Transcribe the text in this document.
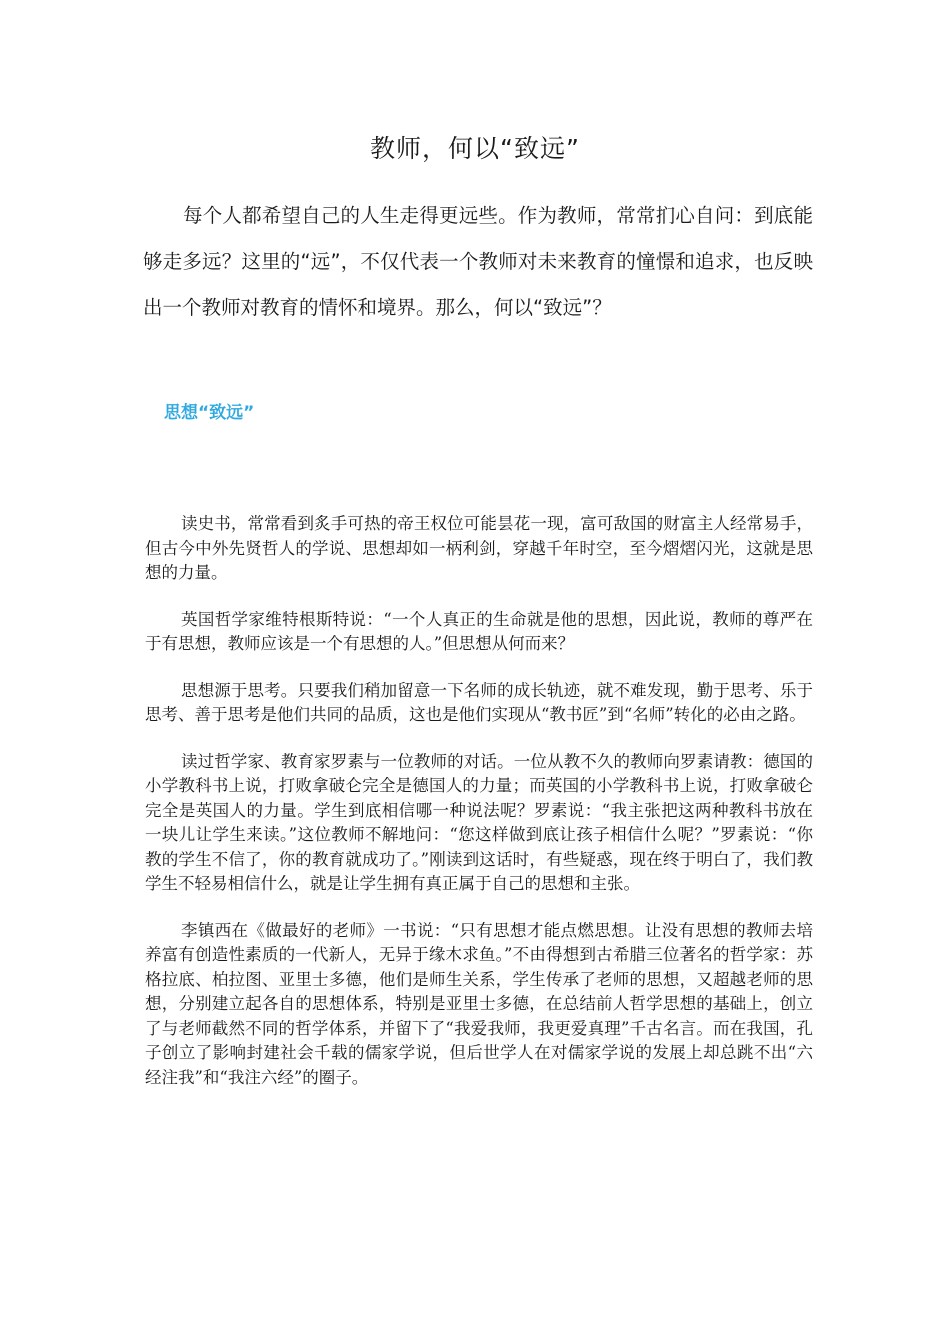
教师，何以“致远”

每个人都希望自己的人生走得更远些。作为教师，常常扪心自问：到底能够走多远？这里的“远”，不仅代表一个教师对未来教育的憧憬和追求，也反映出一个教师对教育的情怀和境界。那么，何以“致远”？

思想“致远”

读史书，常常看到炙手可热的帝王权位可能昙花一现，富可敌国的财富主人经常易手，但古今中外先贤哲人的学说、思想却如一柄利剑，穿越千年时空，至今熠熠闪光，这就是思想的力量。

英国哲学家维特根斯特说：“一个人真正的生命就是他的思想，因此说，教师的尊严在于有思想，教师应该是一个有思想的人。”但思想从何而来？

思想源于思考。只要我们稍加留意一下名师的成长轨迹，就不难发现，勤于思考、乐于思考、善于思考是他们共同的品质，这也是他们实现从“教书匠”到“名师”转化的必由之路。

读过哲学家、教育家罗素与一位教师的对话。一位从教不久的教师向罗素请教：德国的小学教科书上说，打败拿破仑完全是德国人的力量；而英国的小学教科书上说，打败拿破仑完全是英国人的力量。学生到底相信哪一种说法呢？罗素说：“我主张把这两种教科书放在一块儿让学生来读。”这位教师不解地问：“您这样做到底让孩子相信什么呢？”罗素说：“你教的学生不信了，你的教育就成功了。”刚读到这话时，有些疑惑，现在终于明白了，我们教学生不轻易相信什么，就是让学生拥有真正属于自己的思想和主张。

李镇西在《做最好的老师》一书说：“只有思想才能点燃思想。让没有思想的教师去培养富有创造性素质的一代新人，无异于缘木求鱼。”不由得想到古希腊三位著名的哲学家：苏格拉底、柏拉图、亚里士多德，他们是师生关系，学生传承了老师的思想，又超越老师的思想，分别建立起各自的思想体系，特别是亚里士多德，在总结前人哲学思想的基础上，创立了与老师截然不同的哲学体系，并留下了“我爱我师，我更爱真理”千古名言。而在我国，孔子创立了影响封建社会千载的儒家学说，但后世学人在对儒家学说的发展上却总跳不出“六经注我”和“我注六经”的圈子。
